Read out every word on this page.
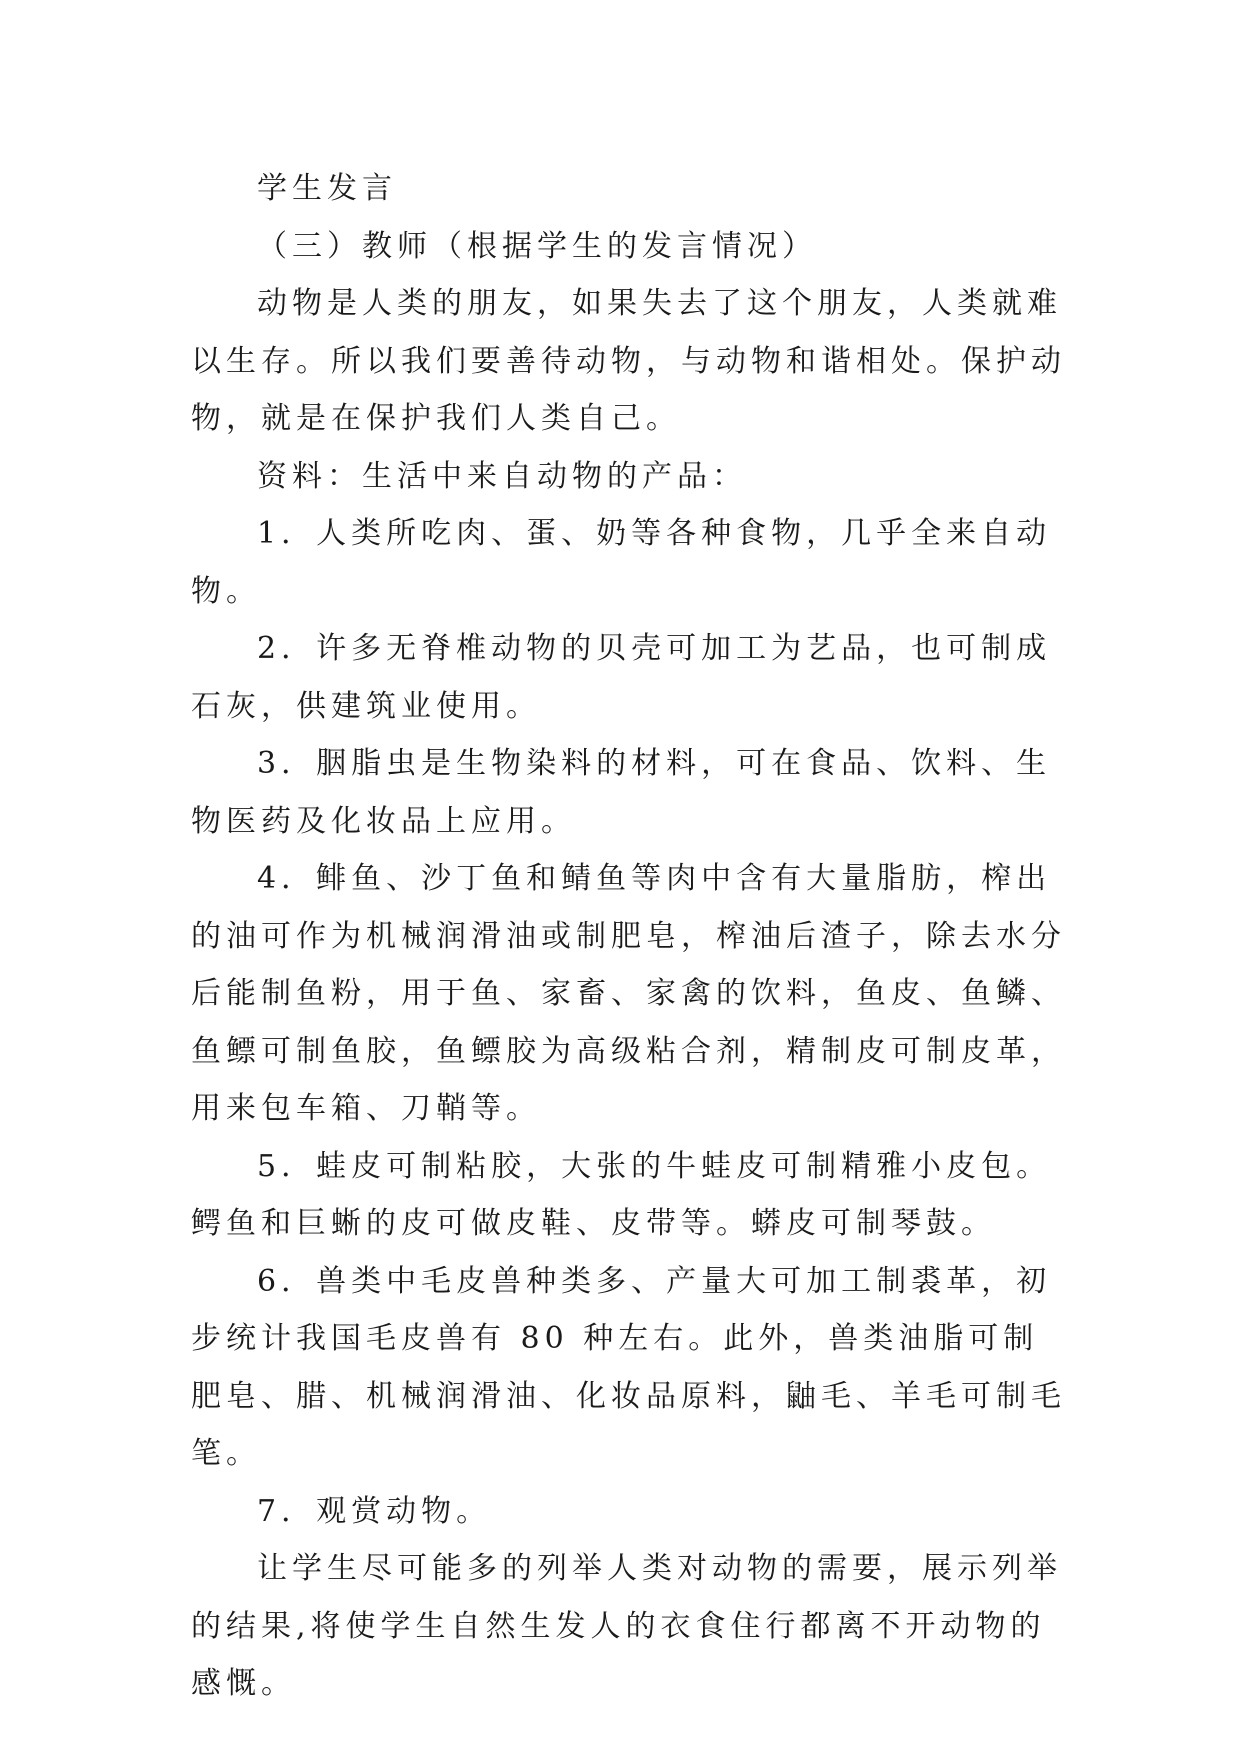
学生发言

（三）教师（根据学生的发言情况）

动物是人类的朋友，如果失去了这个朋友，人类就难以生存。所以我们要善待动物，与动物和谐相处。保护动物，就是在保护我们人类自己。

资料：生活中来自动物的产品：

1．人类所吃肉、蛋、奶等各种食物，几乎全来自动物。

2．许多无脊椎动物的贝壳可加工为艺品，也可制成石灰，供建筑业使用。

3．胭脂虫是生物染料的材料，可在食品、饮料、生物医药及化妆品上应用。

4．鲱鱼、沙丁鱼和鲭鱼等肉中含有大量脂肪，榨出的油可作为机械润滑油或制肥皂，榨油后渣子，除去水分后能制鱼粉，用于鱼、家畜、家禽的饮料，鱼皮、鱼鳞、鱼鳔可制鱼胶，鱼鳔胶为高级粘合剂，精制皮可制皮革，用来包车箱、刀鞘等。

5．蛙皮可制粘胶，大张的牛蛙皮可制精雅小皮包。鳄鱼和巨蜥的皮可做皮鞋、皮带等。蟒皮可制琴鼓。

6．兽类中毛皮兽种类多、产量大可加工制裘革，初步统计我国毛皮兽有 80 种左右。此外，兽类油脂可制肥皂、腊、机械润滑油、化妆品原料，鼬毛、羊毛可制毛笔。

7．观赏动物。

让学生尽可能多的列举人类对动物的需要，展示列举的结果,将使学生自然生发人的衣食住行都离不开动物的感慨。
